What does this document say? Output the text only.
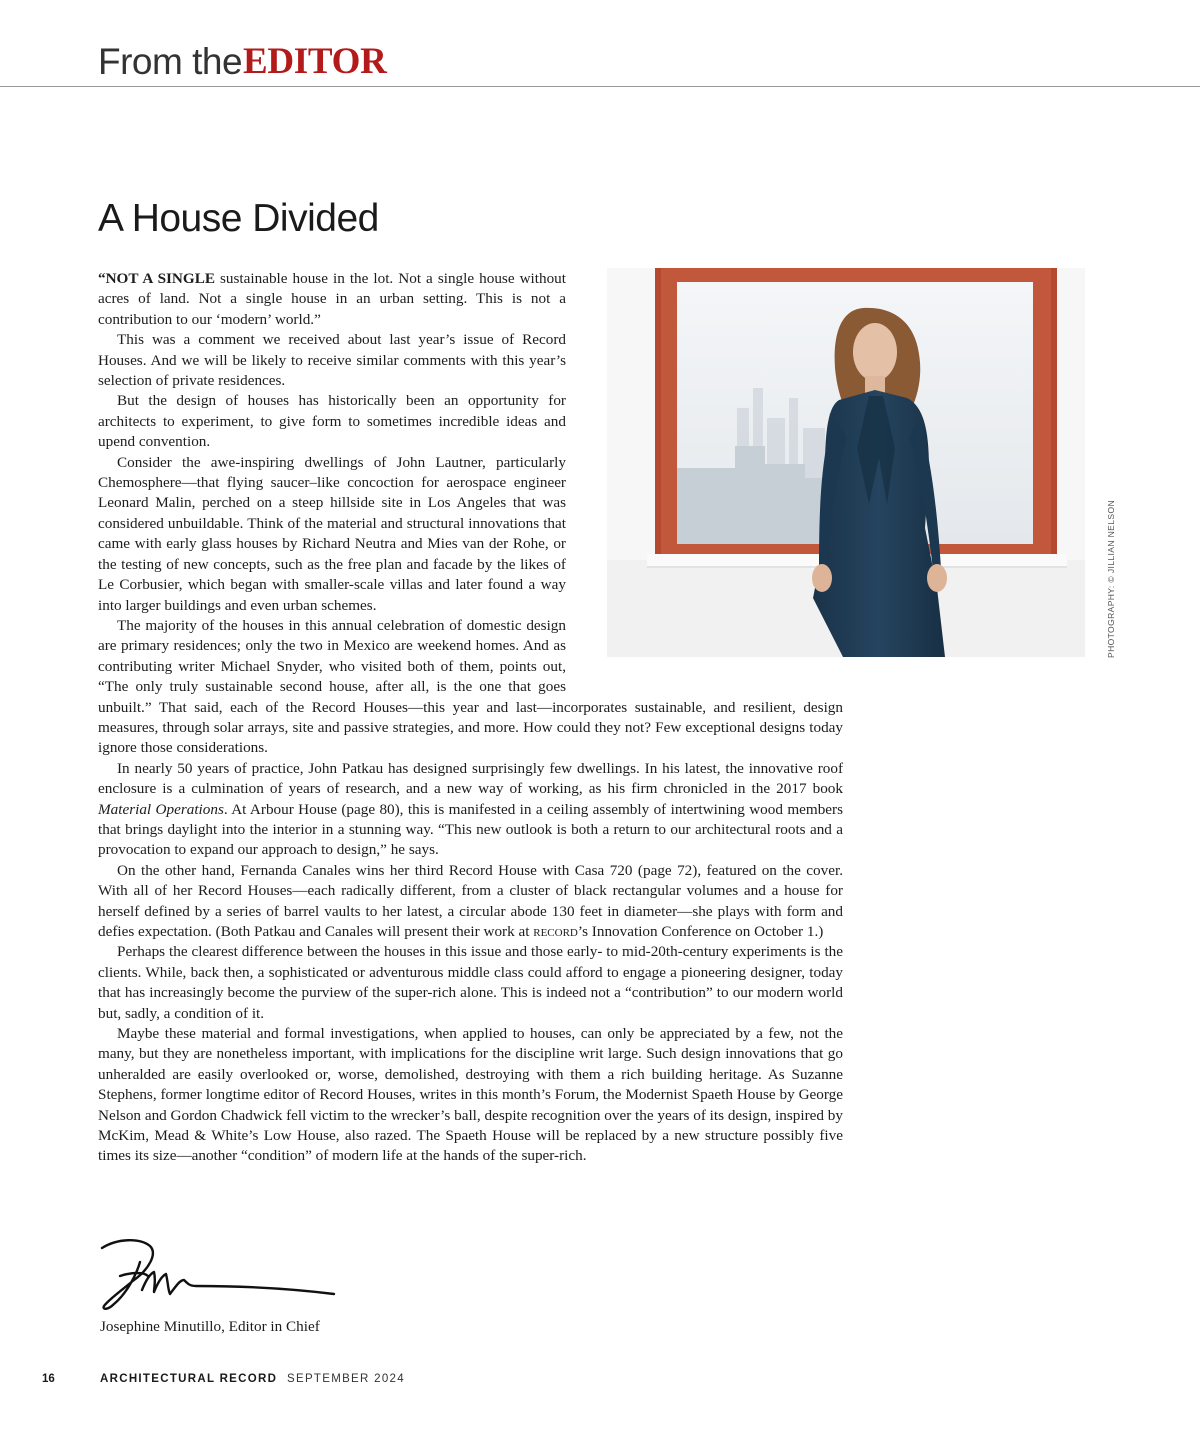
From the EDITOR
A House Divided
PHOTOGRAPHY: © JILLIAN NELSON

“NOT A SINGLE sustainable house in the lot. Not a single house without acres of land. Not a single house in an urban setting. This is not a contribution to our ‘modern’ world.”

This was a comment we received about last year’s issue of Record Houses. And we will be likely to receive similar comments with this year’s selection of private residences.

But the design of houses has historically been an opportunity for architects to experiment, to give form to sometimes incredible ideas and upend convention.

Consider the awe-inspiring dwellings of John Lautner, particularly Chemosphere—that flying saucer–like concoction for aerospace engineer Leonard Malin, perched on a steep hillside site in Los Angeles that was considered unbuildable. Think of the material and structural innovations that came with early glass houses by Richard Neutra and Mies van der Rohe, or the testing of new concepts, such as the free plan and facade by the likes of Le Corbusier, which began with smaller-scale villas and later found a way into larger buildings and even urban schemes.

The majority of the houses in this annual celebration of domestic design are primary residences; only the two in Mexico are weekend homes. And as contributing writer Michael Snyder, who visited both of them, points out, “The only truly sustainable second house, after all, is the one that goes unbuilt.” That said, each of the Record Houses—this year and last—incorporates sustainable, and resilient, design measures, through solar arrays, site and passive strategies, and more. How could they not? Few exceptional designs today ignore those considerations.

In nearly 50 years of practice, John Patkau has designed surprisingly few dwellings. In his latest, the innovative roof enclosure is a culmination of years of research, and a new way of working, as his firm chronicled in the 2017 book Material Operations. At Arbour House (page 80), this is manifested in a ceiling assembly of intertwining wood members that brings daylight into the interior in a stunning way. “This new outlook is both a return to our architectural roots and a provocation to expand our approach to design,” he says.

On the other hand, Fernanda Canales wins her third Record House with Casa 720 (page 72), featured on the cover. With all of her Record Houses—each radically different, from a cluster of black rectangular volumes and a house for herself defined by a series of barrel vaults to her latest, a circular abode 130 feet in diameter—she plays with form and defies expectation. (Both Patkau and Canales will present their work at record’s Innovation Conference on October 1.)

Perhaps the clearest difference between the houses in this issue and those early- to mid-20th-century experiments is the clients. While, back then, a sophisticated or adventurous middle class could afford to engage a pioneering designer, today that has increasingly become the purview of the super-rich alone. This is indeed not a “contribution” to our modern world but, sadly, a condition of it.

Maybe these material and formal investigations, when applied to houses, can only be appreciated by a few, not the many, but they are nonetheless important, with implications for the discipline writ large. Such design innovations that go unheralded are easily overlooked or, worse, demolished, destroying with them a rich building heritage. As Suzanne Stephens, former longtime editor of Record Houses, writes in this month’s Forum, the Modernist Spaeth House by George Nelson and Gordon Chadwick fell victim to the wrecker’s ball, despite recognition over the years of its design, inspired by McKim, Mead & White’s Low House, also razed. The Spaeth House will be replaced by a new structure possibly five times its size—another “condition” of modern life at the hands of the super-rich.

Josephine Minutillo, Editor in Chief
16	ARCHITECTURAL RECORD SEPTEMBER 2024
